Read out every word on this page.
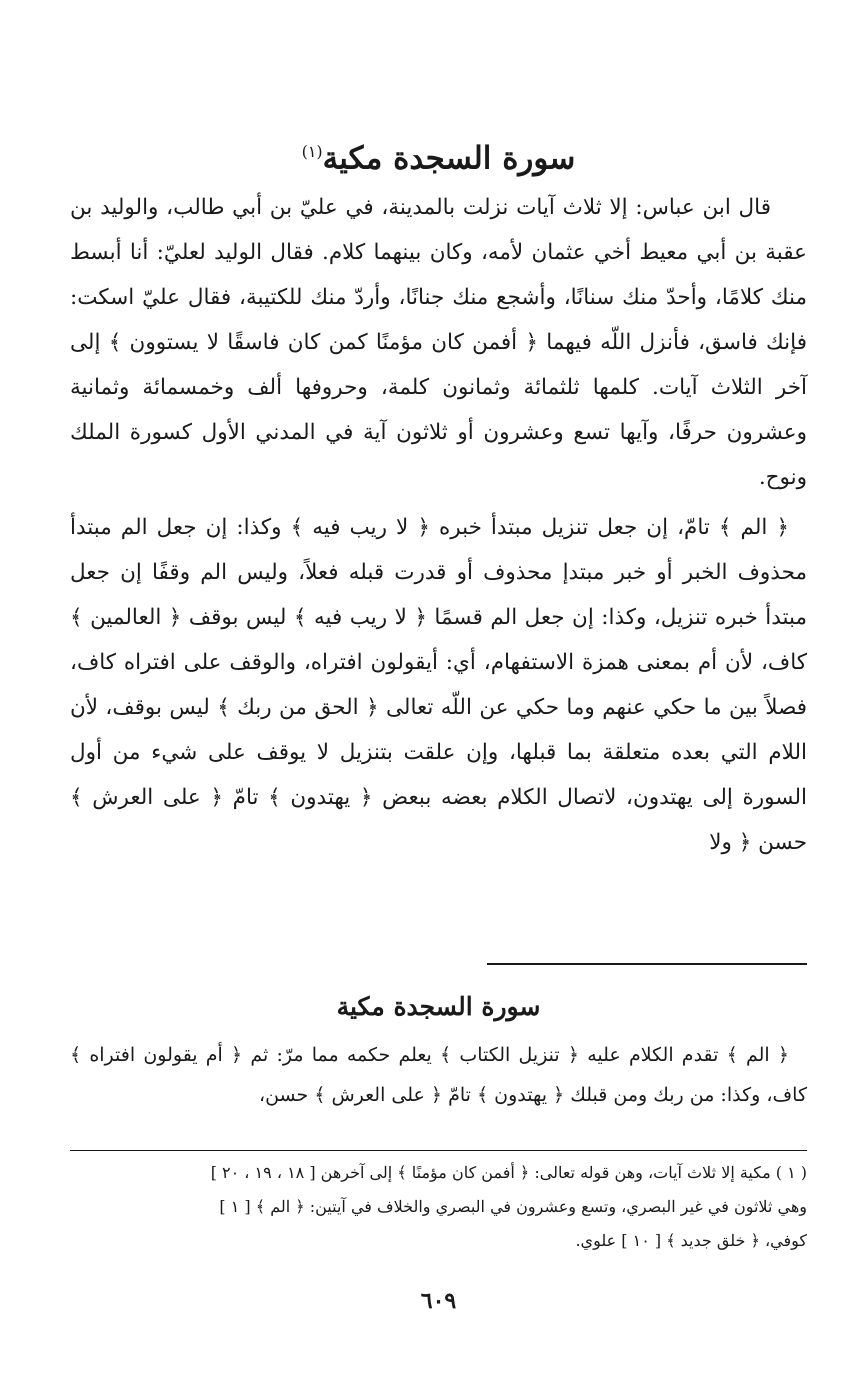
سورة السجدة مكية$^{(١)}$

قال ابن عباس: إلا ثلاث آيات نزلت بالمدينة، في عليّ بن أبي طالب، والوليد بن عقبة بن أبي معيط أخي عثمان لأمه، وكان بينهما كلام. فقال الوليد لعليّ: أنا أبسط منك كلامًا، وأحدّ منك سنانًا، وأشجع منك جنانًا، وأردّ منك للكتيبة، فقال عليّ اسكت: فإنك فاسق، فأنزل اللّه فيهما ﴿ أفمن كان مؤمنًا كمن كان فاسقًا لا يستوون ﴾ إلى آخر الثلاث آيات. كلمها ثلثمائة وثمانون كلمة، وحروفها ألف وخمسمائة وثمانية وعشرون حرفًا، وآيها تسع وعشرون أو ثلاثون آية في المدني الأول كسورة الملك ونوح.

﴿ الم ﴾ تامّ، إن جعل تنزيل مبتدأ خبره ﴿ لا ريب فيه ﴾ وكذا: إن جعل الم مبتدأ محذوف الخبر أو خبر مبتدإ محذوف أو قدرت قبله فعلاً، وليس الم وقفًا إن جعل مبتدأ خبره تنزيل، وكذا: إن جعل الم قسمًا ﴿ لا ريب فيه ﴾ ليس بوقف ﴿ العالمين ﴾ كاف، لأن أم بمعنى همزة الاستفهام، أي: أيقولون افتراه، والوقف على افتراه كاف، فصلاً بين ما حكي عنهم وما حكي عن اللّه تعالى ﴿ الحق من ربك ﴾ ليس بوقف، لأن اللام التي بعده متعلقة بما قبلها، وإن علقت بتنزيل لا يوقف على شيء من أول السورة إلى يهتدون، لاتصال الكلام بعضه ببعض ﴿ يهتدون ﴾ تامّ ﴿ على العرش ﴾ حسن ﴿ ولا

سورة السجدة مكية

﴿ الم ﴾ تقدم الكلام عليه ﴿ تنزيل الكتاب ﴾ يعلم حكمه مما مرّ: ثم ﴿ أم يقولون افتراه ﴾ كاف، وكذا: من ربك ومن قبلك ﴿ يهتدون ﴾ تامّ ﴿ على العرش ﴾ حسن،

( ١ ) مكية إلا ثلاث آيات، وهن قوله تعالى: ﴿ أفمن كان مؤمنًا ﴾ إلى آخرهن [ ١٨ ، ١٩ ، ٢٠ ]

وهي ثلاثون في غير البصري، وتسع وعشرون في البصري والخلاف في آيتين: ﴿ الم ﴾ [ ١ ]

كوفي، ﴿ خلق جديد ﴾ [ ١٠ ] علوي.

٦٠٩
